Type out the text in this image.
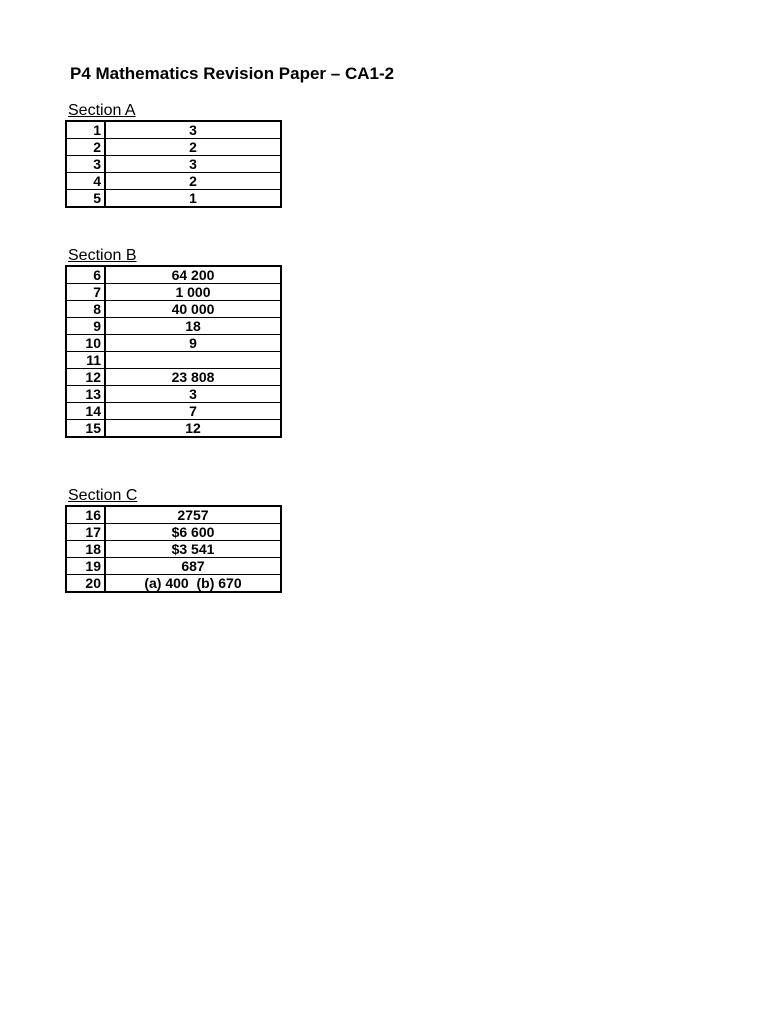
P4 Mathematics Revision Paper – CA1-2
Section A
1	3
2	2
3	3
4	2
5	1
Section B
6	64 200
7	1 000
8	40 000
9	18
10	9
11	
12	23 808
13	3
14	7
15	12
Section C
16	2757
17	$6 600
18	$3 541
19	687
20	(a) 400  (b) 670
